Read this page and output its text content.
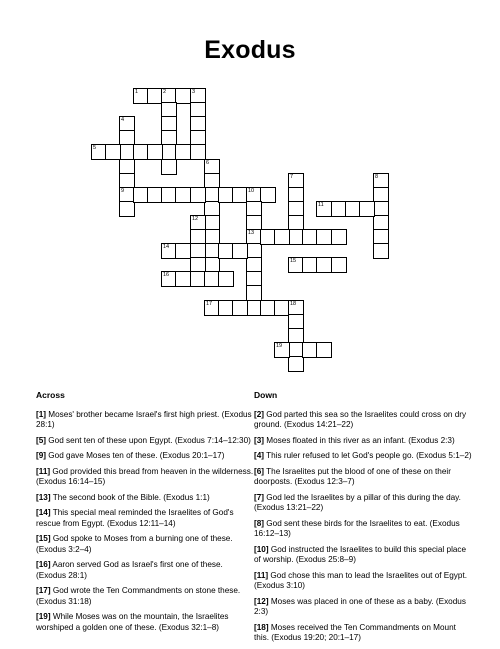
Exodus
1	2	3
4
5
6
7	8
9	10
11
12
13
14
15
16
17	18
19
Across
[1] Moses' brother became Israel's first high priest. (Exodus 28:1)
[5] God sent ten of these upon Egypt. (Exodus 7:14–12:30)
[9] God gave Moses ten of these. (Exodus 20:1–17)
[11] God provided this bread from heaven in the wilderness. (Exodus 16:14–15)
[13] The second book of the Bible. (Exodus 1:1)
[14] This special meal reminded the Israelites of God's rescue from Egypt. (Exodus 12:11–14)
[15] God spoke to Moses from a burning one of these. (Exodus 3:2–4)
[16] Aaron served God as Israel's first one of these. (Exodus 28:1)
[17] God wrote the Ten Commandments on stone these. (Exodus 31:18)
[19] While Moses was on the mountain, the Israelites worshiped a golden one of these. (Exodus 32:1–8)
Down
[2] God parted this sea so the Israelites could cross on dry ground. (Exodus 14:21–22)
[3] Moses floated in this river as an infant. (Exodus 2:3)
[4] This ruler refused to let God's people go. (Exodus 5:1–2)
[6] The Israelites put the blood of one of these on their doorposts. (Exodus 12:3–7)
[7] God led the Israelites by a pillar of this during the day. (Exodus 13:21–22)
[8] God sent these birds for the Israelites to eat. (Exodus 16:12–13)
[10] God instructed the Israelites to build this special place of worship. (Exodus 25:8–9)
[11] God chose this man to lead the Israelites out of Egypt. (Exodus 3:10)
[12] Moses was placed in one of these as a baby. (Exodus 2:3)
[18] Moses received the Ten Commandments on Mount this. (Exodus 19:20; 20:1–17)
